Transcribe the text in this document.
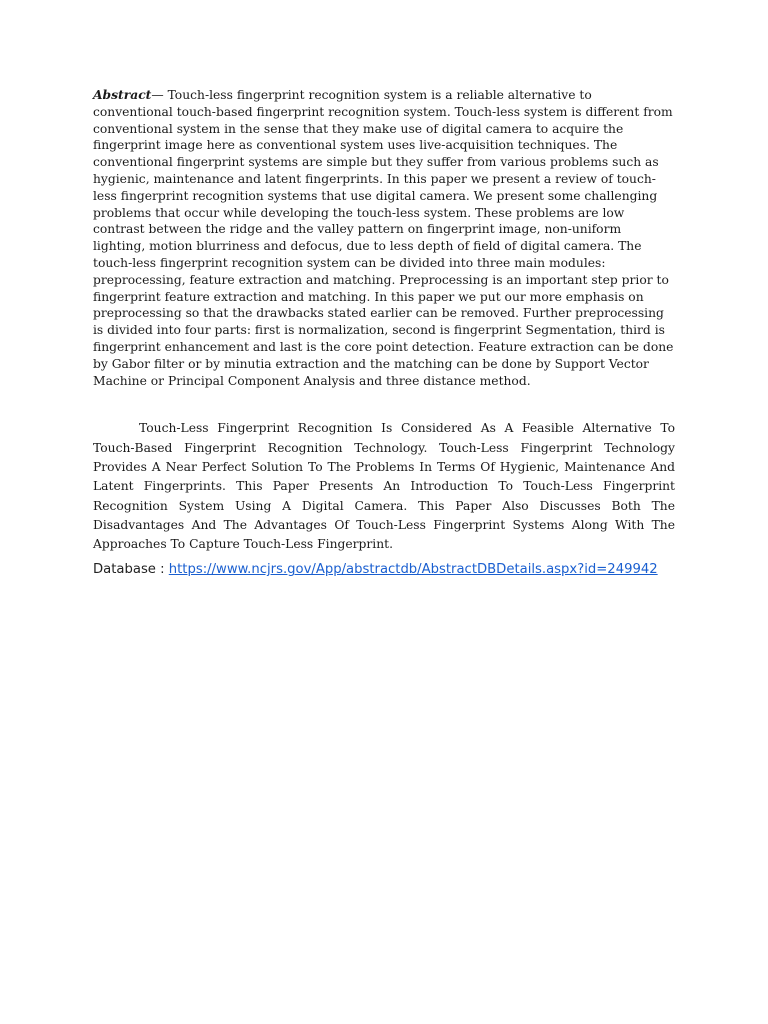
Abstract— Touch-less fingerprint recognition system is a reliable alternative to conventional touch-based fingerprint recognition system. Touch-less system is different from conventional system in the sense that they make use of digital camera to acquire the fingerprint image here as conventional system uses live-acquisition techniques. The conventional fingerprint systems are simple but they suffer from various problems such as hygienic, maintenance and latent fingerprints. In this paper we present a review of touch-less fingerprint recognition systems that use digital camera. We present some challenging problems that occur while developing the touch-less system. These problems are low contrast between the ridge and the valley pattern on fingerprint image, non-uniform lighting, motion blurriness and defocus, due to less depth of field of digital camera. The touch-less fingerprint recognition system can be divided into three main modules: preprocessing, feature extraction and matching. Preprocessing is an important step prior to fingerprint feature extraction and matching. In this paper we put our more emphasis on preprocessing so that the drawbacks stated earlier can be removed. Further preprocessing is divided into four parts: first is normalization, second is fingerprint Segmentation, third is fingerprint enhancement and last is the core point detection. Feature extraction can be done by Gabor filter or by minutia extraction and the matching can be done by Support Vector Machine or Principal Component Analysis and three distance method.

Touch-Less Fingerprint Recognition Is Considered As A Feasible Alternative To Touch-Based Fingerprint Recognition Technology. Touch-Less Fingerprint Technology Provides A Near Perfect Solution To The Problems In Terms Of Hygienic, Maintenance And Latent Fingerprints. This Paper Presents An Introduction To Touch-Less Fingerprint Recognition System Using A Digital Camera. This Paper Also Discusses Both The Disadvantages And The Advantages Of Touch-Less Fingerprint Systems Along With The Approaches To Capture Touch-Less Fingerprint.

Database : https://www.ncjrs.gov/App/abstractdb/AbstractDBDetails.aspx?id=249942
